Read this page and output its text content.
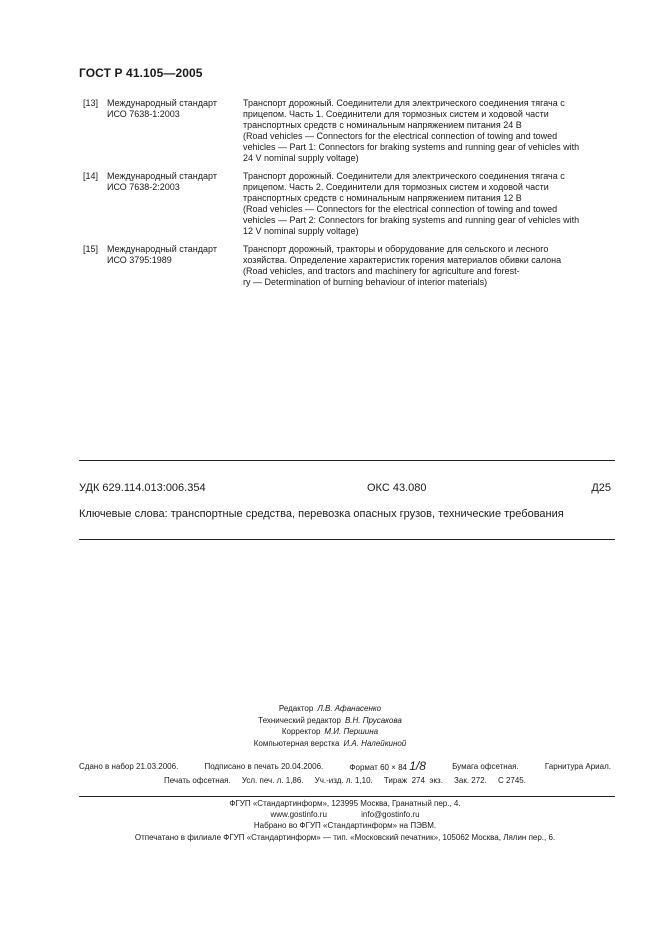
ГОСТ Р 41.105—2005
[13] Международный стандарт
ИСО 7638-1:2003
Транспорт дорожный. Соединители для электрического соединения тягача с
прицепом. Часть 1. Соединители для тормозных систем и ходовой части
транспортных средств с номинальным напряжением питания 24 В
(Road vehicles — Connectors for the electrical connection of towing and towed
vehicles — Part 1: Connectors for braking systems and running gear of vehicles with
24 V nominal supply voltage)
[14] Международный стандарт
ИСО 7638-2:2003
Транспорт дорожный. Соединители для электрического соединения тягача с
прицепом. Часть 2. Соединители для тормозных систем и ходовой части
транспортных средств с номинальным напряжением питания 12 В
(Road vehicles — Connectors for the electrical connection of towing and towed
vehicles — Part 2: Connectors for braking systems and running gear of vehicles with
12 V nominal supply voltage)
[15] Международный стандарт
ИСО 3795:1989
Транспорт дорожный, тракторы и оборудование для сельского и лесного
хозяйства. Определение характеристик горения материалов обивки салона
(Road vehicles, and tractors and machinery for agriculture and forest-
ry — Determination of burning behaviour of interior materials)
УДК 629.114.013:006.354	ОКС 43.080	Д25
Ключевые слова: транспортные средства, перевозка опасных грузов, технические требования
Редактор Л.В. Афанасенко
Технический редактор В.Н. Прусакова
Корректор М.И. Першина
Компьютерная верстка И.А. Налейкиной
Сдано в набор 21.03.2006.	Подписано в печать 20.04.2006.	Формат 60 × 84 1/8	Бумага офсетная.	Гарнитура Ариал.
Печать офсетная.     Усл. печ. л. 1,86.     Уч.-изд. л. 1,10.     Тираж  274  экз.     Зак. 272.     С 2745.
ФГУП «Стандартинформ», 123995 Москва, Гранатный пер., 4.
www.gostinfo.ru	info@gostinfo.ru
Набрано во ФГУП «Стандартинформ» на ПЭВМ.
Отпечатано в филиале ФГУП «Стандартинформ» — тип. «Московский печатник», 105062 Москва, Лялин пер., 6.
